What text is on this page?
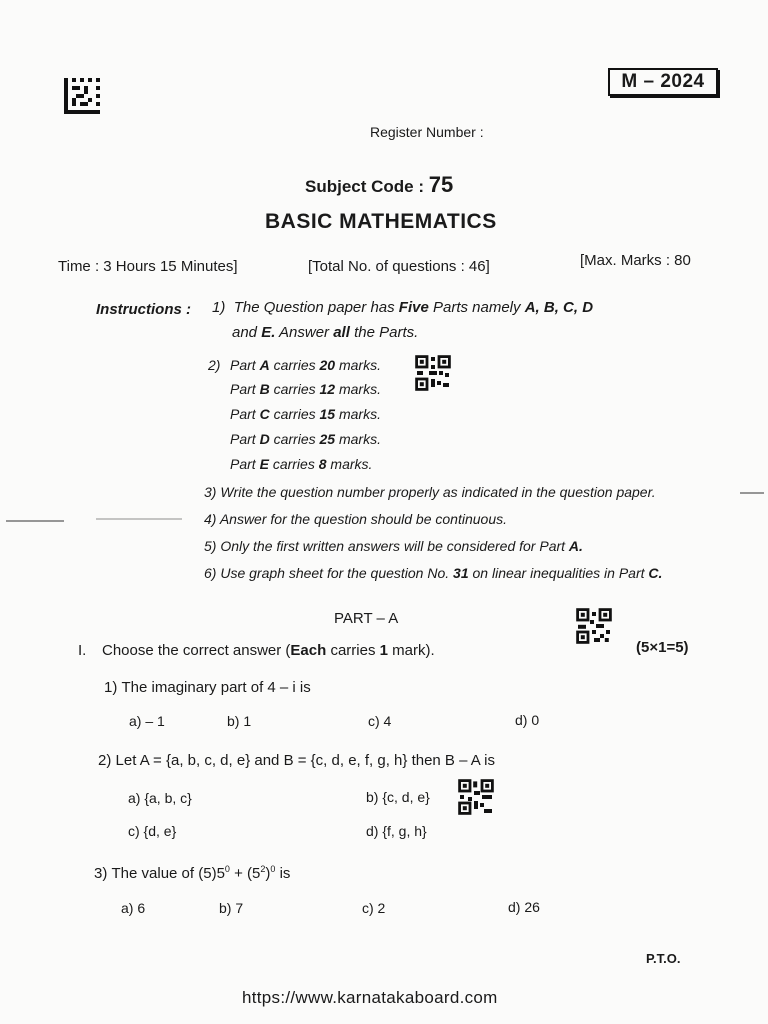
M – 2024
Register Number :
Subject Code : 75
BASIC MATHEMATICS
Time : 3 Hours 15 Minutes]	[Total No. of questions : 46]	[Max. Marks : 80
Instructions : 1) The Question paper has Five Parts namely A, B, C, D
and E. Answer all the Parts.
2) Part A carries 20 marks.
Part B carries 12 marks.
Part C carries 15 marks.
Part D carries 25 marks.
Part E carries 8 marks.
3) Write the question number properly as indicated in the question paper.
4) Answer for the question should be continuous.
5) Only the first written answers will be considered for Part A.
6) Use graph sheet for the question No. 31 on linear inequalities in Part C.
PART – A
I. Choose the correct answer (Each carries 1 mark).	(5×1=5)
1) The imaginary part of 4 – i is
a) – 1	b) 1	c) 4	d) 0
2) Let A = {a, b, c, d, e} and B = {c, d, e, f, g, h} then B – A is
a) {a, b, c}	b) {c, d, e}
c) {d, e}	d) {f, g, h}
3) The value of $(5)5^0 + (5^2)^0$ is
a) 6	b) 7	c) 2	d) 26
P.T.O.
https://www.karnatakaboard.com
